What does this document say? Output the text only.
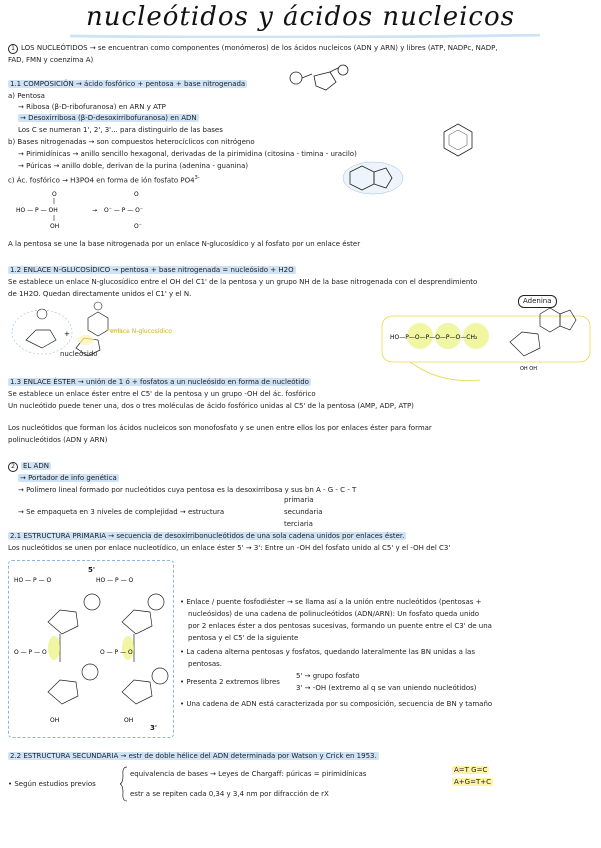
nucleótidos y ácidos nucleicos
1 LOS NUCLEÓTIDOS → se encuentran como componentes (monómeros) de los ácidos nucleicos (ADN y ARN) y libres (ATP, NADPc, NADP,
FAD, FMN y coenzima A)
1.1 COMPOSICIÓN → ácido fosfórico + pentosa + base nitrogenada
a) Pentosa
→ Ribosa (β-D-ribofuranosa) en ARN y ATP
→ Desoxirribosa (β-D-desoxirribofuranosa) en ADN
Los C se numeran 1', 2', 3'... para distinguirlo de las bases
b) Bases nitrogenadas → son compuestos heterocíclicos con nitrógeno
→ Pirimidínicas → anillo sencillo hexagonal, derivadas de la pirimidina (citosina - timina - uracilo)
→ Púricas → anillo doble, derivan de la purina (adenina - guanina)
c) Ác. fosfórico → H3PO4 en forma de ión fosfato $PO4^{3-}$
O
HO — P — OH
OH
→
O
O⁻ — P — O⁻
O⁻
A la pentosa se une la base nitrogenada por un enlace N-glucosídico y al fosfato por un enlace éster
1.2 ENLACE N-GLUCOSÍDICO → pentosa + base nitrogenada = nucleósido + H2O
Se establece un enlace N-glucosídico entre el OH del C1' de la pentosa y un grupo NH de la base nitrogenada con el desprendimiento
de 1H2O. Quedan directamente unidos el C1' y el N.
+	enlace N-glucosídico
nucleósido
HO—P—O—P—O—P—O—CH₂
OH OH
Adenina
1.3 ENLACE ÉSTER → unión de 1 ó + fosfatos a un nucleósido en forma de nucleótido
Se establece un enlace éster entre el C5' de la pentosa y un grupo -OH del ác. fosfórico
Un nucleótido puede tener una, dos o tres moléculas de ácido fosfórico unidas al C5' de la pentosa (AMP, ADP, ATP)
Los nucleótidos que forman los ácidos nucleicos son monofosfato y se unen entre ellos los por enlaces éster para formar
polinucleótidos (ADN y ARN)
2 EL ADN
→ Portador de info genética
→ Polímero lineal formado por nucleótidos cuya pentosa es la desoxirribosa y sus bn A - G - C - T
→ Se empaqueta en 3 niveles de complejidad → estructura
primaria
secundaria
terciaria
2.1 ESTRUCTURA PRIMARIA → secuencia de desoxirribonucleótidos de una sola cadena unidos por enlaces éster.
Los nucleótidos se unen por enlace nucleotídico, un enlace éster 5' → 3': Entre un -OH del fosfato unido al C5' y el -OH del C3'
HO — P — O
O — P — O
HO — P — O
O — P — O
OH	OH
5'
3'
• Enlace / puente fosfodiéster → se llama así a la unión entre nucleótidos (pentosas +
nucleósidos) de una cadena de polinucleótidos (ADN/ARN): Un fosfato queda unido
por 2 enlaces éster a dos pentosas sucesivas, formando un puente entre el C3' de una
pentosa y el C5' de la siguiente
• La cadena alterna pentosas y fosfatos, quedando lateralmente las BN unidas a las
pentosas.
• Presenta 2 extremos libres
5' → grupo fosfato
3' → -OH (extremo al q se van uniendo nucleótidos)
• Una cadena de ADN está caracterizada por su composición, secuencia de BN y tamaño
2.2 ESTRUCTURA SECUNDARIA → estr de doble hélice del ADN determinada por Watson y Crick en 1953.
• Según estudios previos
equivalencia de bases → Leyes de Chargaff: púricas = pirimidínicas
estr a se repiten cada 0,34 y 3,4 nm por difracción de rX
A=T G=C
A+G=T+C
